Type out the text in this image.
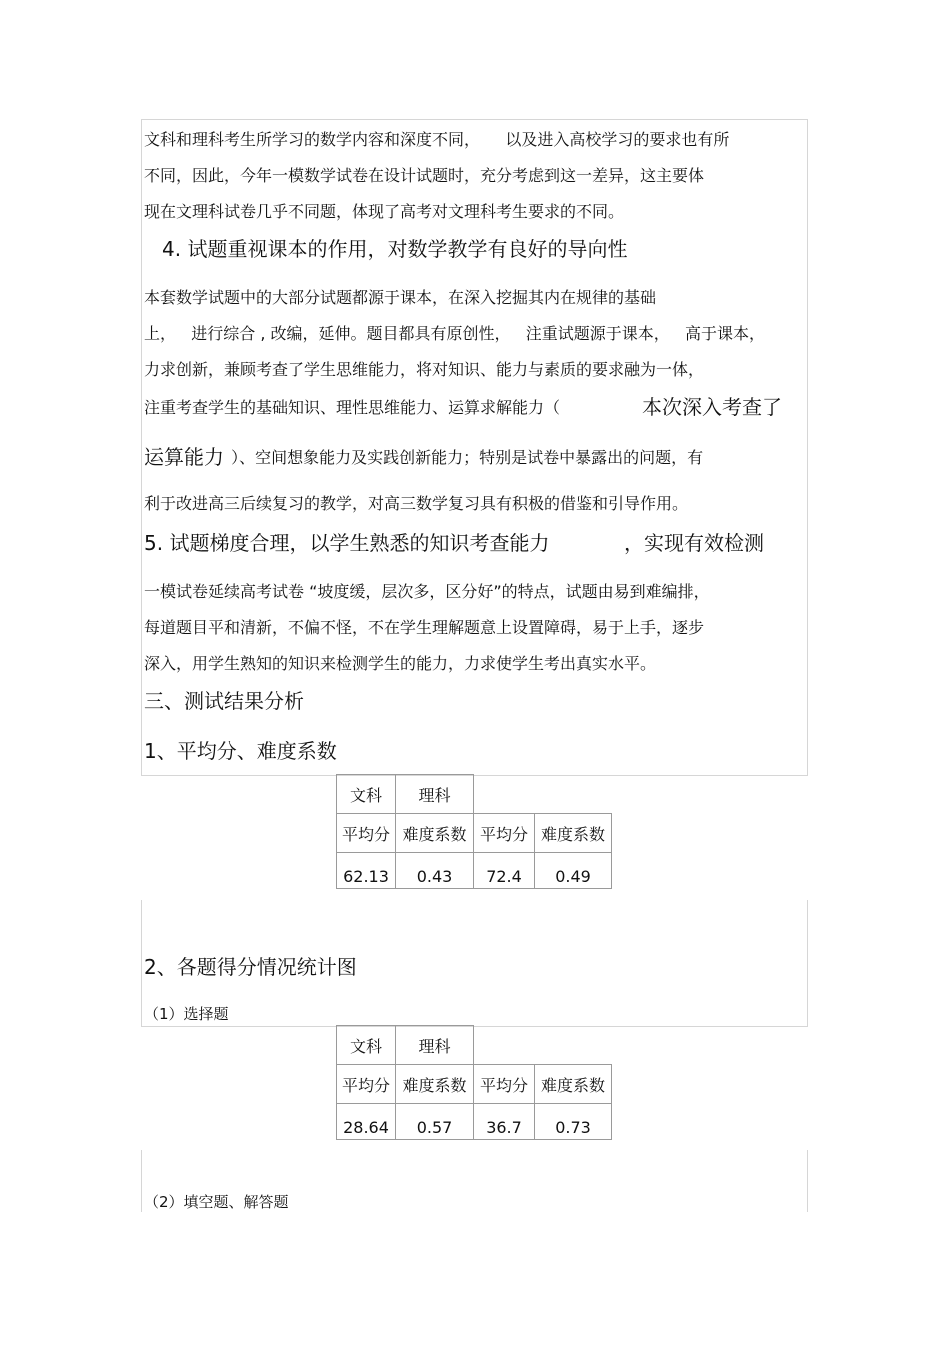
文科和理科考生所学习的数学内容和深度不同，     以及进入高校学习的要求也有所
不同，因此，今年一模数学试卷在设计试题时，充分考虑到这一差异，这主要体
现在文理科试卷几乎不同题，体现了高考对文理科考生要求的不同。
4. 试题重视课本的作用，对数学教学有良好的导向性
本套数学试题中的大部分试题都源于课本，在深入挖掘其内在规律的基础
上，   进行综合 , 改编，延伸。题目都具有原创性，   注重试题源于课本，   高于课本，
力求创新，兼顾考查了学生思维能力，将对知识、能力与素质的要求融为一体，
注重考查学生的基础知识、理性思维能力、运算求解能力（	本次深入考查了
运算能力 ）、空间想象能力及实践创新能力；特别是试卷中暴露出的问题，有
利于改进高三后续复习的教学，对高三数学复习具有积极的借鉴和引导作用。
5. 试题梯度合理，以学生熟悉的知识考查能力	，实现有效检测
一模试卷延续高考试卷 “坡度缓，层次多，区分好”的特点，试题由易到难编排，
每道题目平和清新，不偏不怪，不在学生理解题意上设置障碍，易于上手，逐步
深入，用学生熟知的知识来检测学生的能力，力求使学生考出真实水平。
三、测试结果分析
1、平均分、难度系数
文科	理科
平均分 难度系数 平均分 难度系数
62.13	0.43	72.4	0.49
2、各题得分情况统计图
（1）选择题
文科	理科
平均分 难度系数 平均分 难度系数
28.64	0.57	36.7	0.73
（2）填空题、解答题
